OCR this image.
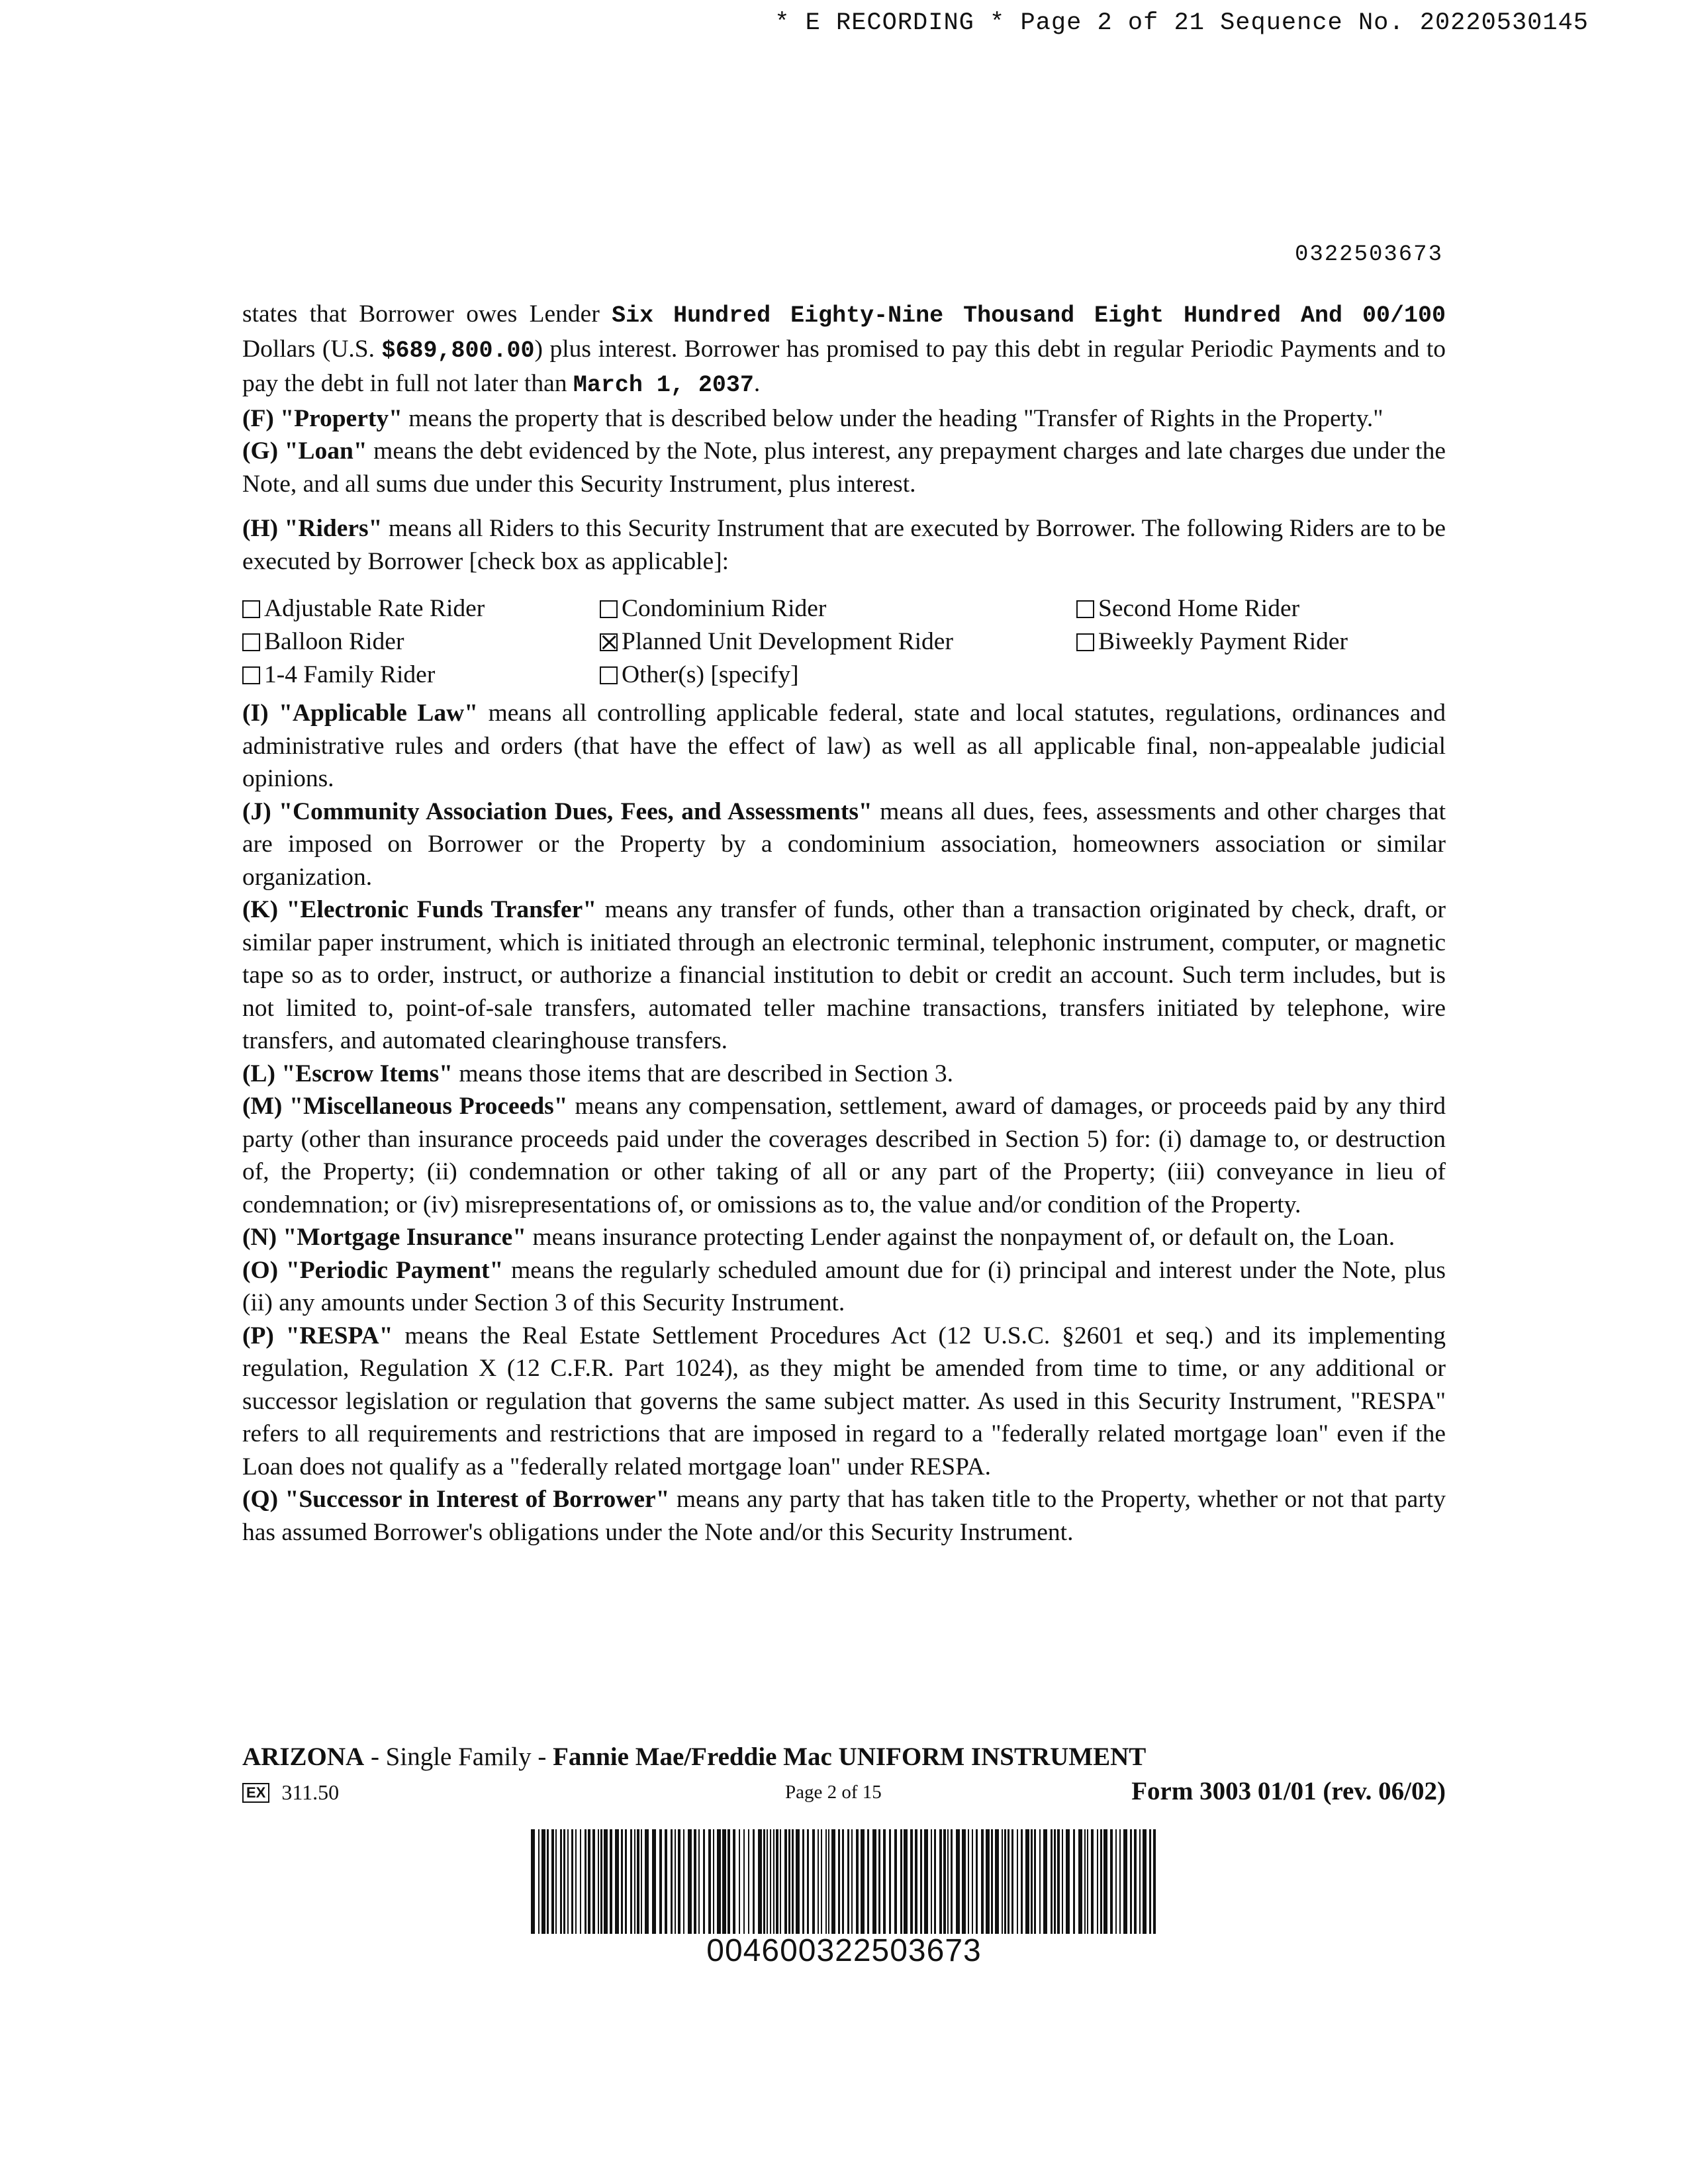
* E RECORDING * Page 2 of 21 Sequence No. 20220530145
0322503673

states that Borrower owes Lender Six Hundred Eighty-Nine Thousand Eight Hundred And 00/100 Dollars (U.S. $689,800.00) plus interest. Borrower has promised to pay this debt in regular Periodic Payments and to pay the debt in full not later than March 1, 2037.

(F) "Property" means the property that is described below under the heading "Transfer of Rights in the Property."

(G) "Loan" means the debt evidenced by the Note, plus interest, any prepayment charges and late charges due under the Note, and all sums due under this Security Instrument, plus interest.

(H) "Riders" means all Riders to this Security Instrument that are executed by Borrower. The following Riders are to be executed by Borrower [check box as applicable]:

Adjustable Rate Rider	Condominium Rider	Second Home Rider
Balloon Rider	Planned Unit Development Rider	Biweekly Payment Rider
1-4 Family Rider	Other(s) [specify]

(I) "Applicable Law" means all controlling applicable federal, state and local statutes, regulations, ordinances and administrative rules and orders (that have the effect of law) as well as all applicable final, non-appealable judicial opinions.

(J) "Community Association Dues, Fees, and Assessments" means all dues, fees, assessments and other charges that are imposed on Borrower or the Property by a condominium association, homeowners association or similar organization.

(K) "Electronic Funds Transfer" means any transfer of funds, other than a transaction originated by check, draft, or similar paper instrument, which is initiated through an electronic terminal, telephonic instrument, computer, or magnetic tape so as to order, instruct, or authorize a financial institution to debit or credit an account. Such term includes, but is not limited to, point-of-sale transfers, automated teller machine transactions, transfers initiated by telephone, wire transfers, and automated clearinghouse transfers.

(L) "Escrow Items" means those items that are described in Section 3.

(M) "Miscellaneous Proceeds" means any compensation, settlement, award of damages, or proceeds paid by any third party (other than insurance proceeds paid under the coverages described in Section 5) for: (i) damage to, or destruction of, the Property; (ii) condemnation or other taking of all or any part of the Property; (iii) conveyance in lieu of condemnation; or (iv) misrepresentations of, or omissions as to, the value and/or condition of the Property.

(N) "Mortgage Insurance" means insurance protecting Lender against the nonpayment of, or default on, the Loan.

(O) "Periodic Payment" means the regularly scheduled amount due for (i) principal and interest under the Note, plus (ii) any amounts under Section 3 of this Security Instrument.

(P) "RESPA" means the Real Estate Settlement Procedures Act (12 U.S.C. §2601 et seq.) and its implementing regulation, Regulation X (12 C.F.R. Part 1024), as they might be amended from time to time, or any additional or successor legislation or regulation that governs the same subject matter. As used in this Security Instrument, "RESPA" refers to all requirements and restrictions that are imposed in regard to a "federally related mortgage loan" even if the Loan does not qualify as a "federally related mortgage loan" under RESPA.

(Q) "Successor in Interest of Borrower" means any party that has taken title to the Property, whether or not that party has assumed Borrower's obligations under the Note and/or this Security Instrument.

ARIZONA - Single Family - Fannie Mae/Freddie Mac UNIFORM INSTRUMENT
EX 311.50	Page 2 of 15	Form 3003 01/01 (rev. 06/02)
004600322503673
